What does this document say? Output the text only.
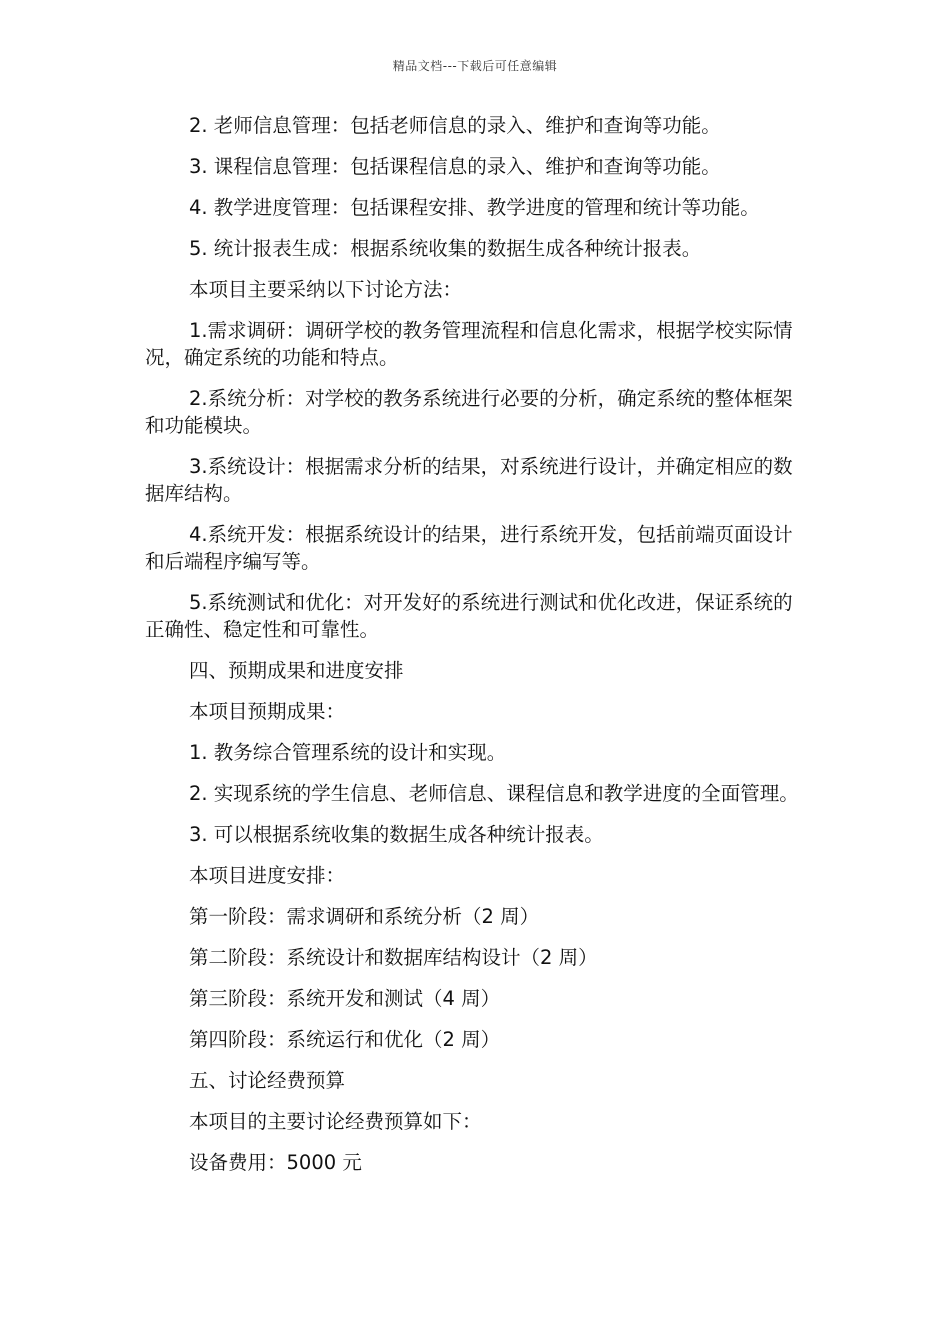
精品文档---下载后可任意编辑

2. 老师信息管理：包括老师信息的录入、维护和查询等功能。

3. 课程信息管理：包括课程信息的录入、维护和查询等功能。

4. 教学进度管理：包括课程安排、教学进度的管理和统计等功能。

5. 统计报表生成：根据系统收集的数据生成各种统计报表。

本项目主要采纳以下讨论方法：

1.需求调研：调研学校的教务管理流程和信息化需求，根据学校实际情况，确定系统的功能和特点。

2.系统分析：对学校的教务系统进行必要的分析，确定系统的整体框架和功能模块。

3.系统设计：根据需求分析的结果，对系统进行设计，并确定相应的数据库结构。

4.系统开发：根据系统设计的结果，进行系统开发，包括前端页面设计和后端程序编写等。

5.系统测试和优化：对开发好的系统进行测试和优化改进，保证系统的正确性、稳定性和可靠性。

四、预期成果和进度安排

本项目预期成果：

1. 教务综合管理系统的设计和实现。

2. 实现系统的学生信息、老师信息、课程信息和教学进度的全面管理。

3. 可以根据系统收集的数据生成各种统计报表。

本项目进度安排：

第一阶段：需求调研和系统分析（2 周）

第二阶段：系统设计和数据库结构设计（2 周）

第三阶段：系统开发和测试（4 周）

第四阶段：系统运行和优化（2 周）

五、讨论经费预算

本项目的主要讨论经费预算如下：

设备费用：5000 元
